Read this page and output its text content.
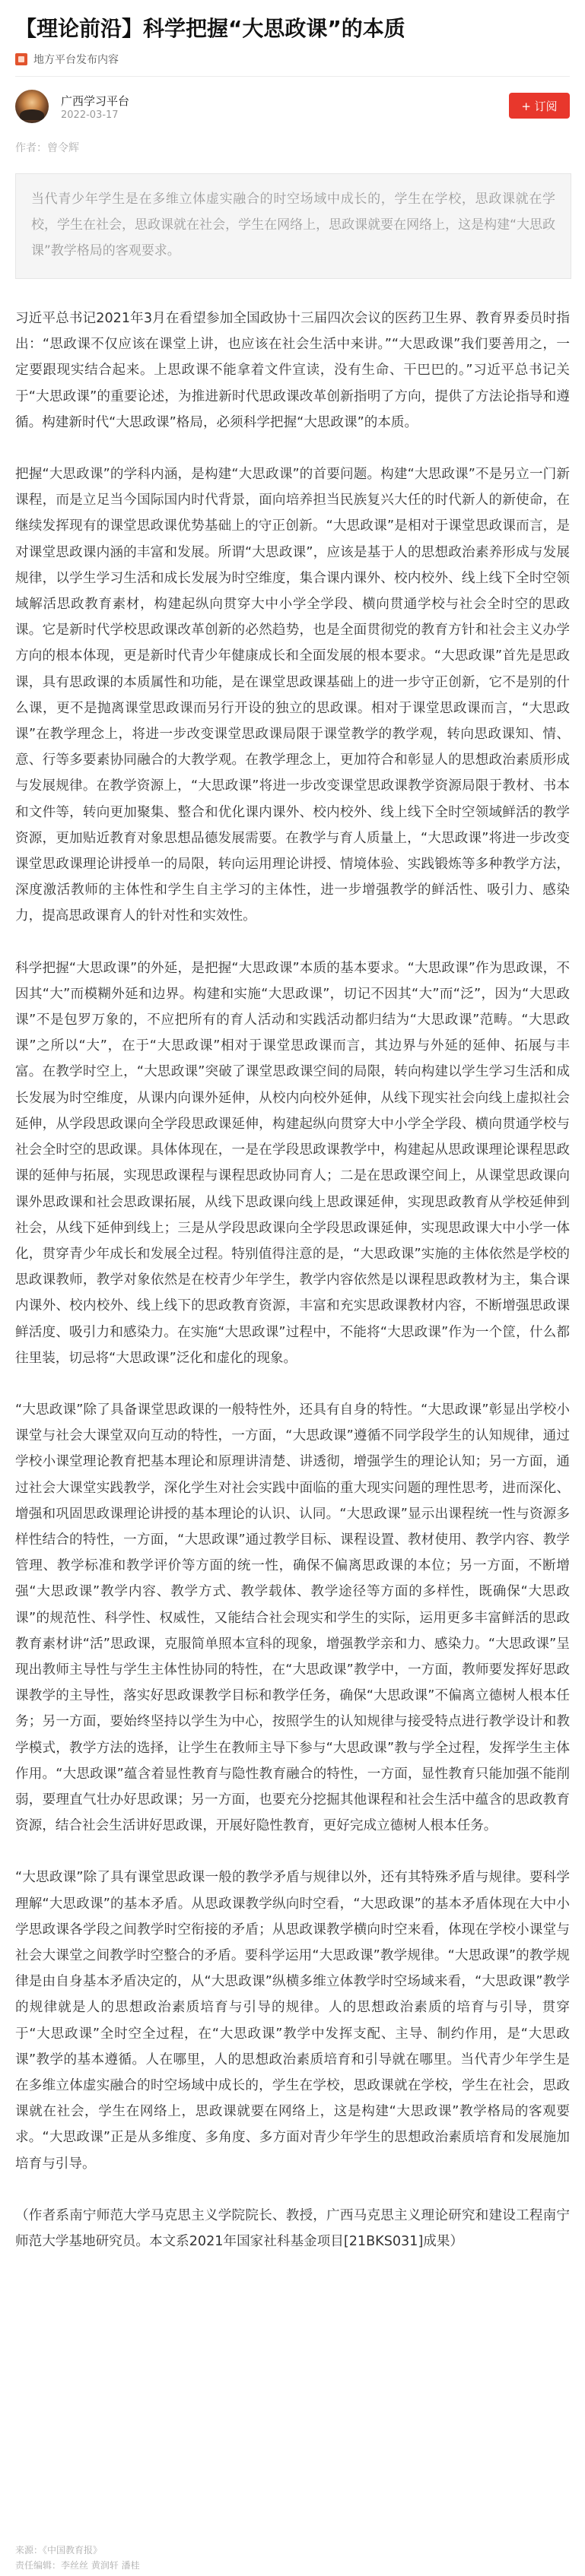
【理论前沿】科学把握“大思政课”的本质
地方平台发布内容
广西学习平台
2022-03-17
+ 订阅
作者：曾令辉

当代青少年学生是在多维立体虚实融合的时空场域中成长的，学生在学校，思政课就在学校，学生在社会，思政课就在社会，学生在网络上，思政课就要在网络上，这是构建“大思政课”教学格局的客观要求。

习近平总书记2021年3月在看望参加全国政协十三届四次会议的医药卫生界、教育界委员时指出：“思政课不仅应该在课堂上讲，也应该在社会生活中来讲。”“大思政课”我们要善用之，一定要跟现实结合起来。上思政课不能拿着文件宣读，没有生命、干巴巴的。”习近平总书记关于“大思政课”的重要论述，为推进新时代思政课改革创新指明了方向，提供了方法论指导和遵循。构建新时代“大思政课”格局，必须科学把握“大思政课”的本质。

把握“大思政课”的学科内涵，是构建“大思政课”的首要问题。构建“大思政课”不是另立一门新课程，而是立足当今国际国内时代背景，面向培养担当民族复兴大任的时代新人的新使命，在继续发挥现有的课堂思政课优势基础上的守正创新。“大思政课”是相对于课堂思政课而言，是对课堂思政课内涵的丰富和发展。所谓“大思政课”，应该是基于人的思想政治素养形成与发展规律，以学生学习生活和成长发展为时空维度，集合课内课外、校内校外、线上线下全时空领域解活思政教育素材，构建起纵向贯穿大中小学全学段、横向贯通学校与社会全时空的思政课。它是新时代学校思政课改革创新的必然趋势，也是全面贯彻党的教育方针和社会主义办学方向的根本体现，更是新时代青少年健康成长和全面发展的根本要求。“大思政课”首先是思政课，具有思政课的本质属性和功能，是在课堂思政课基础上的进一步守正创新，它不是别的什么课，更不是抛离课堂思政课而另行开设的独立的思政课。相对于课堂思政课而言，“大思政课”在教学理念上，将进一步改变课堂思政课局限于课堂教学的教学观，转向思政课知、情、意、行等多要素协同融合的大教学观。在教学理念上，更加符合和彰显人的思想政治素质形成与发展规律。在教学资源上，“大思政课”将进一步改变课堂思政课教学资源局限于教材、书本和文件等，转向更加聚集、整合和优化课内课外、校内校外、线上线下全时空领域鲜活的教学资源，更加贴近教育对象思想品德发展需要。在教学与育人质量上，“大思政课”将进一步改变课堂思政课理论讲授单一的局限，转向运用理论讲授、情境体验、实践锻炼等多种教学方法，深度激活教师的主体性和学生自主学习的主体性，进一步增强教学的鲜活性、吸引力、感染力，提高思政课育人的针对性和实效性。

科学把握“大思政课”的外延，是把握“大思政课”本质的基本要求。“大思政课”作为思政课，不因其“大”而模糊外延和边界。构建和实施“大思政课”，切记不因其“大”而“泛”，因为“大思政课”不是包罗万象的，不应把所有的育人活动和实践活动都归结为“大思政课”范畴。“大思政课”之所以“大”，在于“大思政课”相对于课堂思政课而言，其边界与外延的延伸、拓展与丰富。在教学时空上，“大思政课”突破了课堂思政课空间的局限，转向构建以学生学习生活和成长发展为时空维度，从课内向课外延伸，从校内向校外延伸，从线下现实社会向线上虚拟社会延伸，从学段思政课向全学段思政课延伸，构建起纵向贯穿大中小学全学段、横向贯通学校与社会全时空的思政课。具体体现在，一是在学段思政课教学中，构建起从思政课理论课程思政课的延伸与拓展，实现思政课程与课程思政协同育人；二是在思政课空间上，从课堂思政课向课外思政课和社会思政课拓展，从线下思政课向线上思政课延伸，实现思政教育从学校延伸到社会，从线下延伸到线上；三是从学段思政课向全学段思政课延伸，实现思政课大中小学一体化，贯穿青少年成长和发展全过程。特别值得注意的是，“大思政课”实施的主体依然是学校的思政课教师，教学对象依然是在校青少年学生，教学内容依然是以课程思政教材为主，集合课内课外、校内校外、线上线下的思政教育资源，丰富和充实思政课教材内容，不断增强思政课鲜活度、吸引力和感染力。在实施“大思政课”过程中，不能将“大思政课”作为一个筐，什么都往里装，切忌将“大思政课”泛化和虚化的现象。

“大思政课”除了具备课堂思政课的一般特性外，还具有自身的特性。“大思政课”彰显出学校小课堂与社会大课堂双向互动的特性，一方面，“大思政课”遵循不同学段学生的认知规律，通过学校小课堂理论教育把基本理论和原理讲清楚、讲透彻，增强学生的理论认知；另一方面，通过社会大课堂实践教学，深化学生对社会实践中面临的重大现实问题的理性思考，进而深化、增强和巩固思政课理论讲授的基本理论的认识、认同。“大思政课”显示出课程统一性与资源多样性结合的特性，一方面，“大思政课”通过教学目标、课程设置、教材使用、教学内容、教学管理、教学标准和教学评价等方面的统一性，确保不偏离思政课的本位；另一方面，不断增强“大思政课”教学内容、教学方式、教学载体、教学途径等方面的多样性，既确保“大思政课”的规范性、科学性、权威性，又能结合社会现实和学生的实际，运用更多丰富鲜活的思政教育素材讲“活”思政课，克服简单照本宣科的现象，增强教学亲和力、感染力。“大思政课”呈现出教师主导性与学生主体性协同的特性，在“大思政课”教学中，一方面，教师要发挥好思政课教学的主导性，落实好思政课教学目标和教学任务，确保“大思政课”不偏离立德树人根本任务；另一方面，要始终坚持以学生为中心，按照学生的认知规律与接受特点进行教学设计和教学模式，教学方法的选择，让学生在教师主导下参与“大思政课”教与学全过程，发挥学生主体作用。“大思政课”蕴含着显性教育与隐性教育融合的特性，一方面，显性教育只能加强不能削弱，要理直气壮办好思政课；另一方面，也要充分挖掘其他课程和社会生活中蕴含的思政教育资源，结合社会生活讲好思政课，开展好隐性教育，更好完成立德树人根本任务。

“大思政课”除了具有课堂思政课一般的教学矛盾与规律以外，还有其特殊矛盾与规律。要科学理解“大思政课”的基本矛盾。从思政课教学纵向时空看，“大思政课”的基本矛盾体现在大中小学思政课各学段之间教学时空衔接的矛盾；从思政课教学横向时空来看，体现在学校小课堂与社会大课堂之间教学时空整合的矛盾。要科学运用“大思政课”教学规律。“大思政课”的教学规律是由自身基本矛盾决定的，从“大思政课”纵横多维立体教学时空场域来看，“大思政课”教学的规律就是人的思想政治素质培育与引导的规律。人的思想政治素质的培育与引导，贯穿于“大思政课”全时空全过程，在“大思政课”教学中发挥支配、主导、制约作用，是“大思政课”教学的基本遵循。人在哪里，人的思想政治素质培育和引导就在哪里。当代青少年学生是在多维立体虚实融合的时空场域中成长的，学生在学校，思政课就在学校，学生在社会，思政课就在社会，学生在网络上，思政课就要在网络上，这是构建“大思政课”教学格局的客观要求。“大思政课”正是从多维度、多角度、多方面对青少年学生的思想政治素质培育和发展施加培育与引导。

（作者系南宁师范大学马克思主义学院院长、教授，广西马克思主义理论研究和建设工程南宁师范大学基地研究员。本文系2021年国家社科基金项目[21BKS031]成果）

来源：《中国教育报》
责任编辑：李丝丝 黄润轩 潘桂
